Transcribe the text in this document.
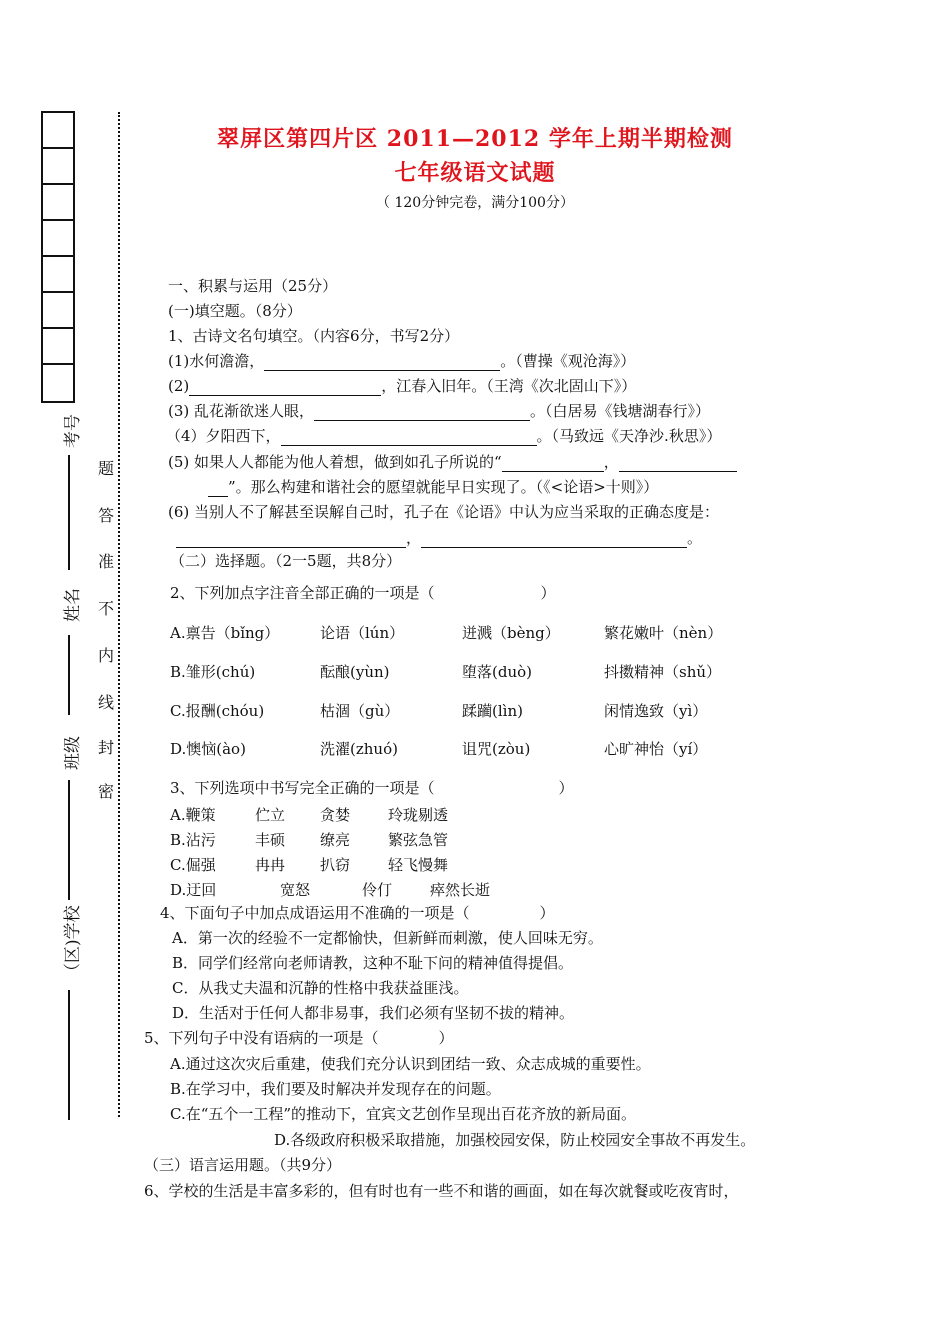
考号
姓名
班级
（区)学校
题
答
准
不
内
线
封
密
翠屏区第四片区 2011—2012 学年上期半期检测
七年级语文试题
（ 120分钟完卷，满分100分）
一、积累与运用（25分）
(一)填空题。（8分）
1、古诗文名句填空。（内容6分，书写2分）
(1)水何澹澹，	。（曹操《观沧海》）
(2)	，江春入旧年。（王湾《次北固山下》）
(3) 乱花渐欲迷人眼，	。（白居易《钱塘湖春行》）
（4）夕阳西下，	。（马致远《天净沙.秋思》）
(5) 如果人人都能为他人着想，做到如孔子所说的“	，
”。那么构建和谐社会的愿望就能早日实现了。（《<论语>十则》）
(6) 当别人不了解甚至误解自己时，孔子在《论语》中认为应当采取的正确态度是：
，	。
（二）选择题。（2一5题，共8分）
2、下列加点字注音全部正确的一项是（	）
A.禀告（bǐng）	论语（lún）	迸溅（bèng）	繁花嫩叶（nèn）
B.雏形(chú)	酝酿(yùn)	堕落(duò)	抖擞精神（shǔ）
C.报酬(chóu)	枯涸（gù）	蹂躏(lìn)	闲情逸致（yì）
D.懊恼(ào)	洗濯(zhuó)	诅咒(zòu)	心旷神怡（yí）
3、下列选项中书写完全正确的一项是（	）
A.鞭策	伫立 贪婪	玲珑剔透
B.沾污	丰硕 缭亮	繁弦急管
C.倔强	冉冉 扒窃	轻飞慢舞
D.迂回	宽怒	伶仃	瘁然长逝
4、下面句子中加点成语运用不准确的一项是（	）
A．第一次的经验不一定都愉快，但新鲜而刺激，使人回味无穷。
B．同学们经常向老师请教，这种不耻下问的精神值得提倡。
C．从我丈夫温和沉静的性格中我获益匪浅。
D．生活对于任何人都非易事，我们必须有坚韧不拔的精神。
5、下列句子中没有语病的一项是（	）
A.通过这次灾后重建，使我们充分认识到团结一致、众志成城的重要性。
B.在学习中，我们要及时解决并发现存在的问题。
C.在“五个一工程”的推动下，宜宾文艺创作呈现出百花齐放的新局面。
D.各级政府积极采取措施，加强校园安保，防止校园安全事故不再发生。
（三）语言运用题。（共9分）
6、学校的生活是丰富多彩的，但有时也有一些不和谐的画面，如在每次就餐或吃夜宵时，
